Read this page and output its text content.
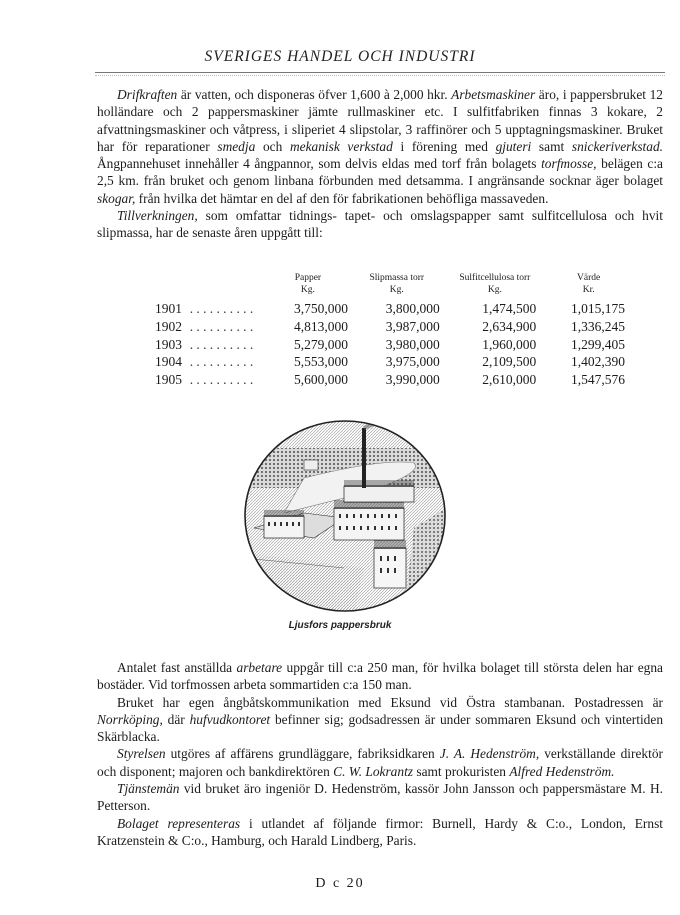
SVERIGES HANDEL OCH INDUSTRI

Drifkraften är vatten, och disponeras öfver 1,600 à 2,000 hkr. Arbetsmaskiner äro, i pappersbruket 12 holländare och 2 pappersmaskiner jämte rullmaskiner etc. I sulfitfabriken finnas 3 kokare, 2 afvattningsmaskiner och våtpress, i sliperiet 4 slipstolar, 3 raffinörer och 5 upptagningsmaskiner. Bruket har för reparationer smedja och mekanisk verkstad i förening med gjuteri samt snickeriverkstad. Ångpannehuset innehåller 4 ångpannor, som delvis eldas med torf från bolagets torfmosse, belägen c:a 2,5 km. från bruket och genom linbana förbunden med detsamma. I angränsande socknar äger bolaget skogar, från hvilka det hämtar en del af den för fabrikationen behöfliga massaveden.

Tillverkningen, som omfattar tidnings- tapet- och omslagspapper samt sulfitcellulosa och hvit slipmassa, har de senaste åren uppgått till:

Papper
Kg.
Slipmassa torr
Kg.
Sulfitcellulosa torr
Kg.
Värde
Kr.
1901 ..........	3,750,000	3,800,000	1,474,500	1,015,175
1902 ..........	4,813,000	3,987,000	2,634,900	1,336,245
1903 ..........	5,279,000	3,980,000	1,960,000	1,299,405
1904 ..........	5,553,000	3,975,000	2,109,500	1,402,390
1905 ..........	5,600,000	3,990,000	2,610,000	1,547,576
Ljusfors pappersbruk

Antalet fast anställda arbetare uppgår till c:a 250 man, för hvilka bolaget till största delen har egna bostäder. Vid torfmossen arbeta sommartiden c:a 150 man.

Bruket har egen ångbåtskommunikation med Eksund vid Östra stambanan. Postadressen är Norrköping, där hufvudkontoret befinner sig; godsadressen är under sommaren Eksund och vintertiden Skärblacka.

Styrelsen utgöres af affärens grundläggare, fabriksidkaren J. A. Hedenström, verkställande direktör och disponent; majoren och bankdirektören C. W. Lokrantz samt prokuristen Alfred Hedenström.

Tjänstemän vid bruket äro ingeniör D. Hedenström, kassör John Jansson och pappersmästare M. H. Petterson.

Bolaget representeras i utlandet af följande firmor: Burnell, Hardy & C:o., London, Ernst Kratzenstein & C:o., Hamburg, och Harald Lindberg, Paris.

D c 20
